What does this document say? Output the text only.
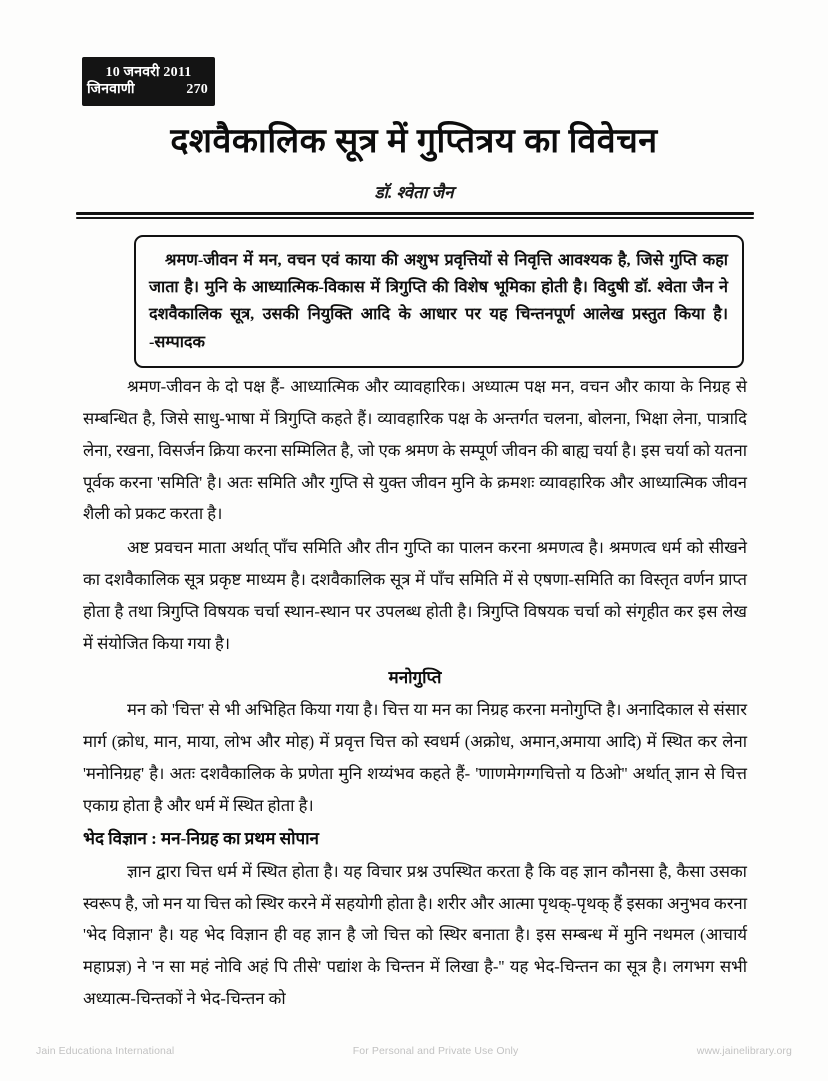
10 जनवरी 2011
जिनवाणी	270
दशवैकालिक सूत्र में गुप्तित्रय का विवेचन
डॉ. श्वेता जैन

श्रमण-जीवन में मन, वचन एवं काया की अशुभ प्रवृत्तियों से निवृत्ति आवश्यक है, जिसे गुप्ति कहा जाता है। मुनि के आध्यात्मिक-विकास में त्रिगुप्ति की विशेष भूमिका होती है। विदुषी डॉ. श्वेता जैन ने दशवैकालिक सूत्र, उसकी नियुक्ति आदि के आधार पर यह चिन्तनपूर्ण आलेख प्रस्तुत किया है। -सम्पादक

श्रमण-जीवन के दो पक्ष हैं- आध्यात्मिक और व्यावहारिक। अध्यात्म पक्ष मन, वचन और काया के निग्रह से सम्बन्धित है, जिसे साधु-भाषा में त्रिगुप्ति कहते हैं। व्यावहारिक पक्ष के अन्तर्गत चलना, बोलना, भिक्षा लेना, पात्रादि लेना, रखना, विसर्जन क्रिया करना सम्मिलित है, जो एक श्रमण के सम्पूर्ण जीवन की बाह्य चर्या है। इस चर्या को यतना पूर्वक करना 'समिति' है। अतः समिति और गुप्ति से युक्त जीवन मुनि के क्रमशः व्यावहारिक और आध्यात्मिक जीवन शैली को प्रकट करता है।

अष्ट प्रवचन माता अर्थात् पाँच समिति और तीन गुप्ति का पालन करना श्रमणत्व है। श्रमणत्व धर्म को सीखने का दशवैकालिक सूत्र प्रकृष्ट माध्यम है। दशवैकालिक सूत्र में पाँच समिति में से एषणा-समिति का विस्तृत वर्णन प्राप्त होता है तथा त्रिगुप्ति विषयक चर्चा स्थान-स्थान पर उपलब्ध होती है। त्रिगुप्ति विषयक चर्चा को संगृहीत कर इस लेख में संयोजित किया गया है।

मनोगुप्ति

मन को 'चित्त' से भी अभिहित किया गया है। चित्त या मन का निग्रह करना मनोगुप्ति है। अनादिकाल से संसार मार्ग (क्रोध, मान, माया, लोभ और मोह) में प्रवृत्त चित्त को स्वधर्म (अक्रोध, अमान,अमाया आदि) में स्थित कर लेना 'मनोनिग्रह' है। अतः दशवैकालिक के प्रणेता मुनि शय्यंभव कहते हैं- 'णाणमेगग्गचित्तो य ठिओ'' अर्थात् ज्ञान से चित्त एकाग्र होता है और धर्म में स्थित होता है।

भेद विज्ञान : मन-निग्रह का प्रथम सोपान

ज्ञान द्वारा चित्त धर्म में स्थित होता है। यह विचार प्रश्न उपस्थित करता है कि वह ज्ञान कौनसा है, कैसा उसका स्वरूप है, जो मन या चित्त को स्थिर करने में सहयोगी होता है। शरीर और आत्मा पृथक्-पृथक् हैं इसका अनुभव करना 'भेद विज्ञान' है। यह भेद विज्ञान ही वह ज्ञान है जो चित्त को स्थिर बनाता है। इस सम्बन्ध में मुनि नथमल (आचार्य महाप्रज्ञ) ने 'न सा महं नोवि अहं पि तीसे' पद्यांश के चिन्तन में लिखा है-'' यह भेद-चिन्तन का सूत्र है। लगभग सभी अध्यात्म-चिन्तकों ने भेद-चिन्तन को

Jain Educationa International	For Personal and Private Use Only	www.jainelibrary.org
